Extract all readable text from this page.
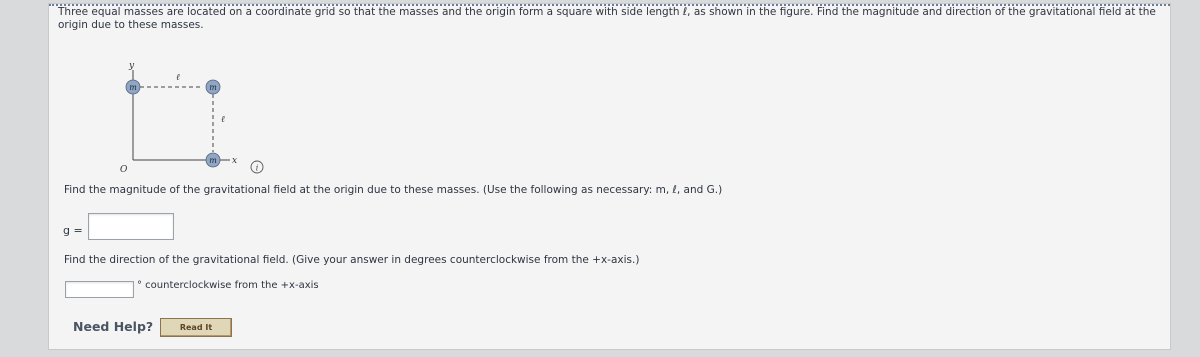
Three equal masses are located on a coordinate grid so that the masses and the origin form a square with side length ℓ, as shown in the figure. Find the magnitude and direction of the gravitational field at the origin due to these masses.
m	m
m
ℓ
ℓ
y
x
O	i
Find the magnitude of the gravitational field at the origin due to these masses. (Use the following as necessary: m, ℓ, and G.)
g =
Find the direction of the gravitational field. (Give your answer in degrees counterclockwise from the +x-axis.)
° counterclockwise from the +x-axis
Need Help?	Read It
